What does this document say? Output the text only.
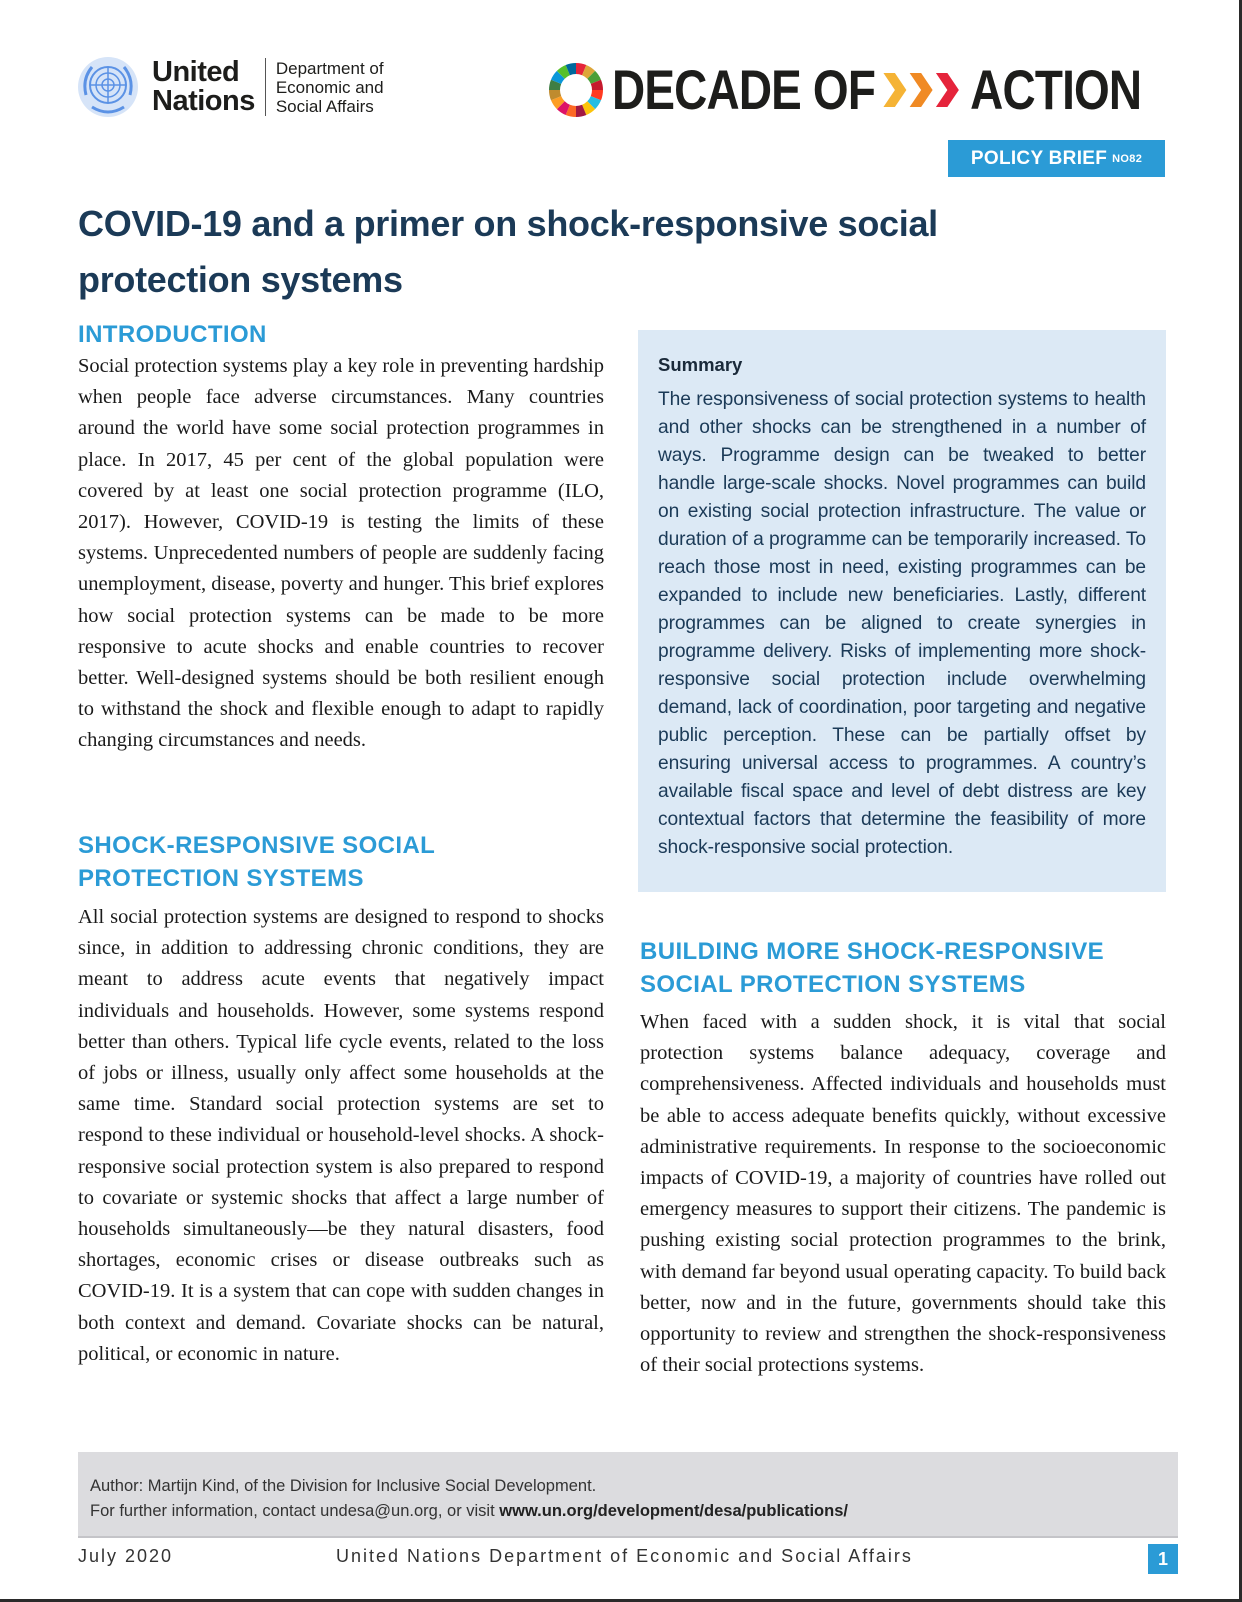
United
Nations
Department of
Economic and
Social Affairs	DECADE OF ACTION
POLICY BRIEF NO82
COVID-19 and a primer on shock-responsive social protection systems
INTRODUCTION

Social protection systems play a key role in preventing hardship when people face adverse circumstances. Many countries around the world have some social protection programmes in place. In 2017, 45 per cent of the global population were covered by at least one social protection programme (ILO, 2017). However, COVID-19 is testing the limits of these systems. Unprecedented numbers of people are suddenly facing unemployment, disease, poverty and hunger. This brief explores how social protection systems can be made to be more responsive to acute shocks and enable countries to recover better. Well-designed systems should be both resilient enough to withstand the shock and flexible enough to adapt to rapidly changing circumstances and needs.

SHOCK-RESPONSIVE SOCIAL
PROTECTION SYSTEMS

All social protection systems are designed to respond to shocks since, in addition to addressing chronic conditions, they are meant to address acute events that negatively impact individuals and households. However, some systems respond better than others. Typical life cycle events, related to the loss of jobs or illness, usually only affect some households at the same time. Standard social protection systems are set to respond to these individual or household-level shocks. A shock-responsive social protection system is also prepared to respond to covariate or systemic shocks that affect a large number of households simultaneously—be they natural disasters, food shortages, economic crises or disease outbreaks such as COVID-19. It is a system that can cope with sudden changes in both context and demand. Covariate shocks can be natural, political, or economic in nature.

Summary
The responsiveness of social protection systems to health and other shocks can be strengthened in a number of ways. Programme design can be tweaked to better handle large-scale shocks. Novel programmes can build on existing social protection infrastructure. The value or duration of a programme can be temporarily increased. To reach those most in need, existing programmes can be expanded to include new beneficiaries. Lastly, different programmes can be aligned to create synergies in programme delivery. Risks of implementing more shock-responsive social protection include overwhelming demand, lack of coordination, poor targeting and negative public perception. These can be partially offset by ensuring universal access to programmes. A country’s available fiscal space and level of debt distress are key contextual factors that determine the feasibility of more shock-responsive social protection.
BUILDING MORE SHOCK-RESPONSIVE
SOCIAL PROTECTION SYSTEMS

When faced with a sudden shock, it is vital that social protection systems balance adequacy, coverage and comprehensiveness. Affected individuals and households must be able to access adequate benefits quickly, without excessive administrative requirements. In response to the socioeconomic impacts of COVID-19, a majority of countries have rolled out emergency measures to support their citizens. The pandemic is pushing existing social protection programmes to the brink, with demand far beyond usual operating capacity. To build back better, now and in the future, governments should take this opportunity to review and strengthen the shock-responsiveness of their social protections systems.

Author: Martijn Kind, of the Division for Inclusive Social Development.
For further information, contact undesa@un.org, or visit www.un.org/development/desa/publications/
July 2020	United Nations Department of Economic and Social Affairs	1
